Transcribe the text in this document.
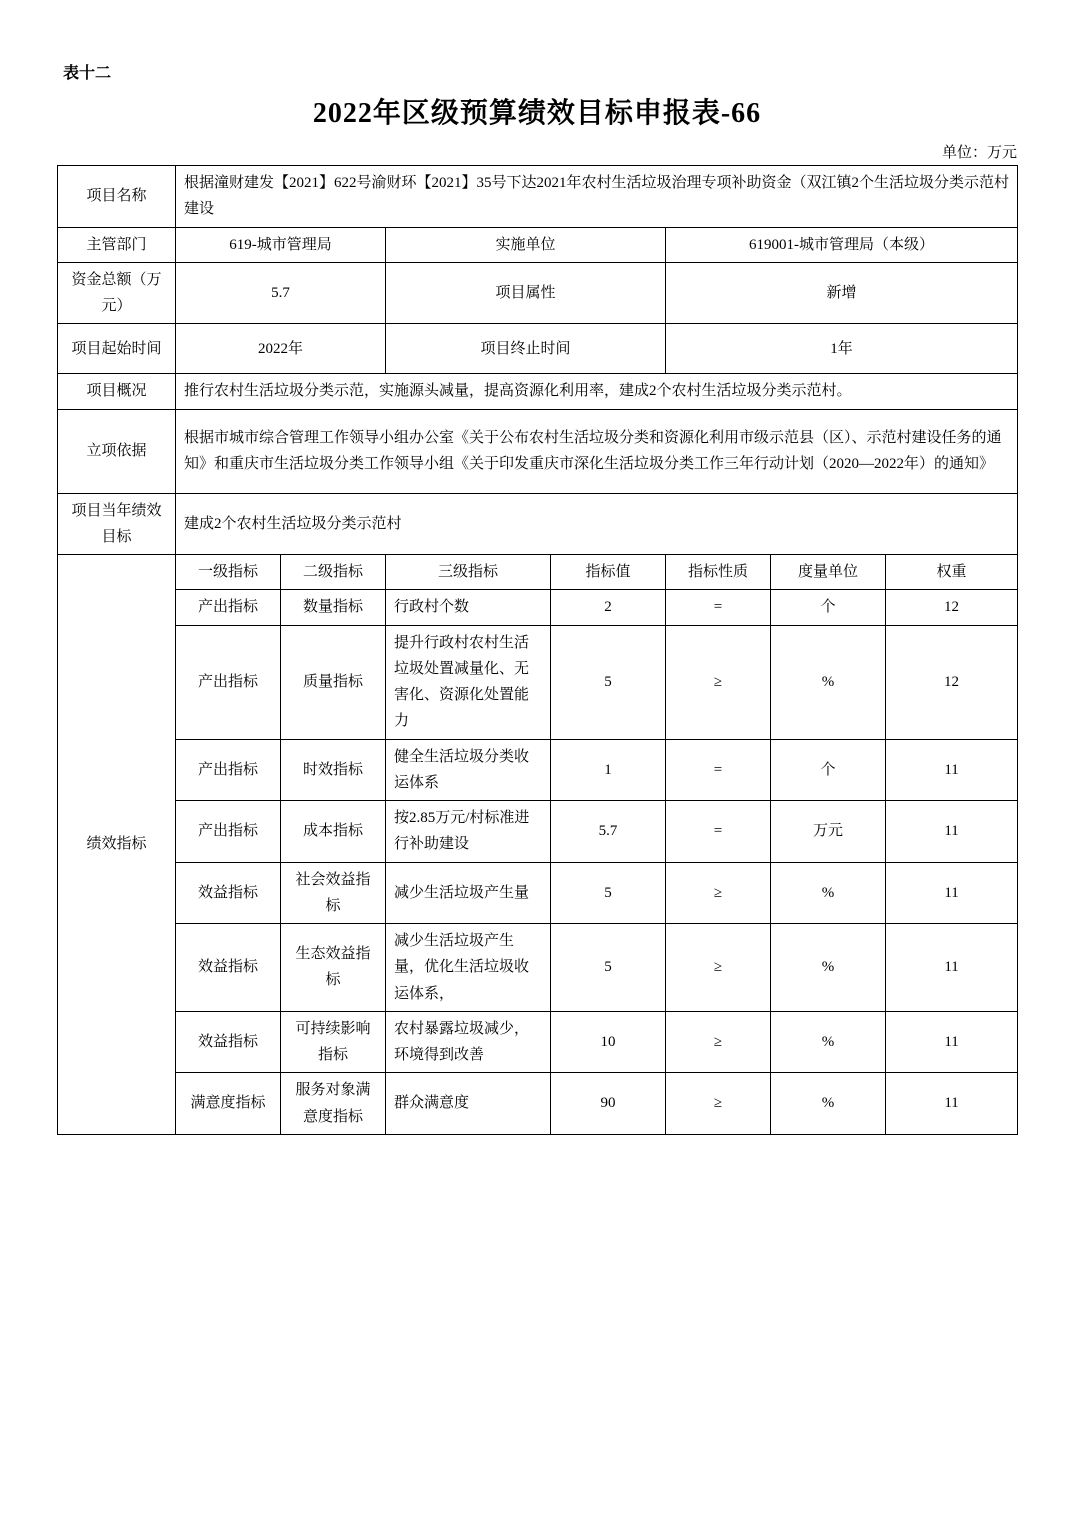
表十二
2022年区级预算绩效目标申报表-66
单位：万元
项目名称	根据潼财建发【2021】622号渝财环【2021】35号下达2021年农村生活垃圾治理专项补助资金（双江镇2个生活垃圾分类示范村建设						
主管部门	619-城市管理局		实施单位		619001-城市管理局（本级）		
资金总额（万元）	5.7		项目属性		新增		
项目起始时间	2022年		项目终止时间		1年		
项目概况	推行农村生活垃圾分类示范，实施源头减量，提高资源化利用率，建成2个农村生活垃圾分类示范村。						
立项依据	根据市城市综合管理工作领导小组办公室《关于公布农村生活垃圾分类和资源化利用市级示范县（区）、示范村建设任务的通知》和重庆市生活垃圾分类工作领导小组《关于印发重庆市深化生活垃圾分类工作三年行动计划（2020—2022年）的通知》						
项目当年绩效目标	建成2个农村生活垃圾分类示范村						
绩效指标	一级指标	二级指标	三级指标	指标值	指标性质	度量单位	权重
	产出指标	数量指标	行政村个数	2	=	个	12
	产出指标	质量指标	提升行政村农村生活垃圾处置减量化、无害化、资源化处置能力	5	≥	%	12
	产出指标	时效指标	健全生活垃圾分类收运体系	1	=	个	11
	产出指标	成本指标	按2.85万元/村标准进行补助建设	5.7	=	万元	11
	效益指标	社会效益指标	减少生活垃圾产生量	5	≥	%	11
	效益指标	生态效益指标	减少生活垃圾产生量，优化生活垃圾收运体系，	5	≥	%	11
	效益指标	可持续影响指标	农村暴露垃圾减少，环境得到改善	10	≥	%	11
	满意度指标	服务对象满意度指标	群众满意度	90	≥	%	11
